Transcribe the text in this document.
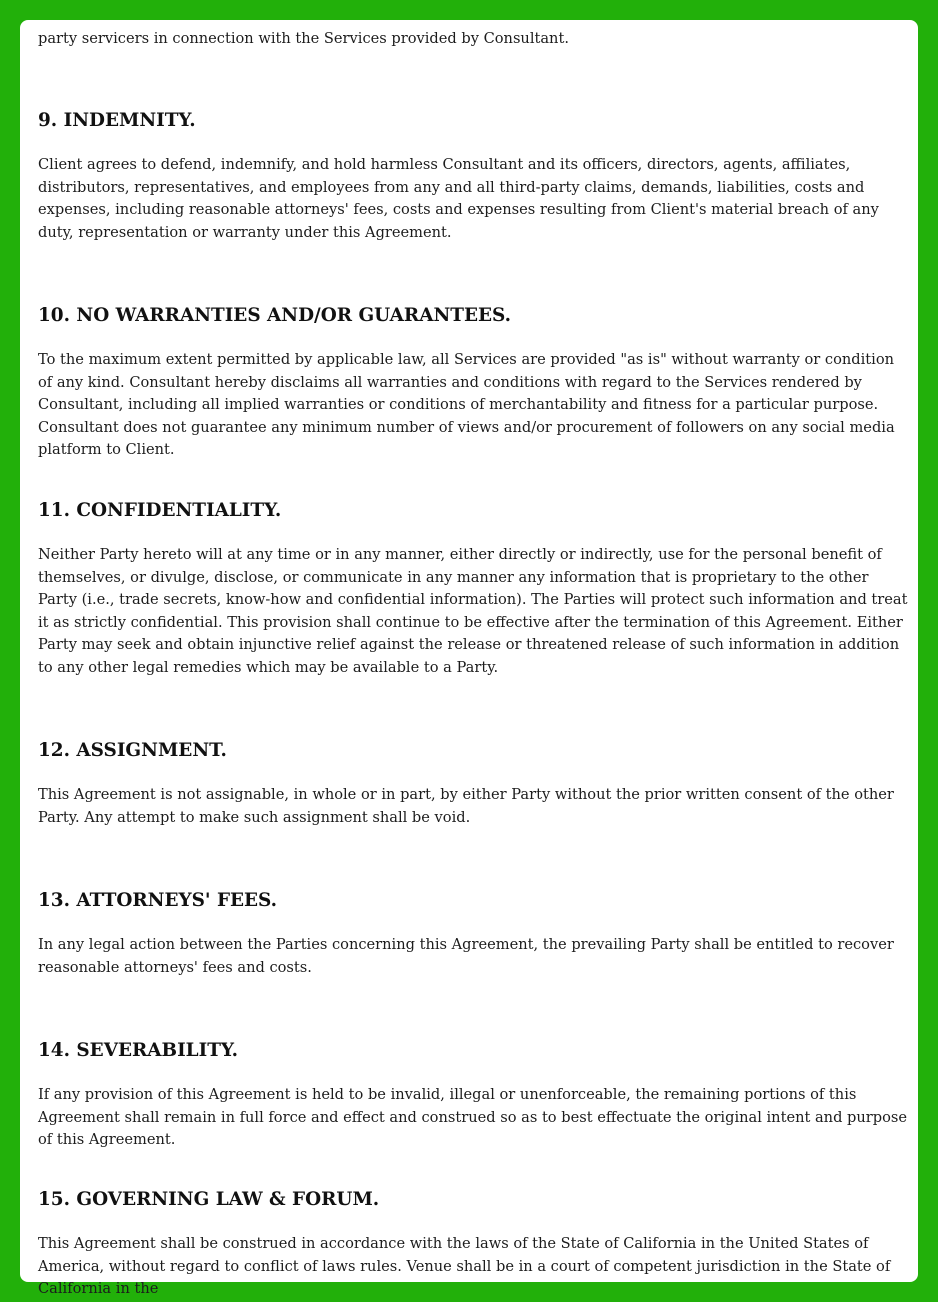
party servicers in connection with the Services provided by Consultant.

9. INDEMNITY.

Client agrees to defend, indemnify, and hold harmless Consultant and its officers, directors, agents, affiliates, distributors, representatives, and employees from any and all third-party claims, demands, liabilities, costs and expenses, including reasonable attorneys' fees, costs and expenses resulting from Client's material breach of any duty, representation or warranty under this Agreement.

10. NO WARRANTIES AND/OR GUARANTEES.

To the maximum extent permitted by applicable law, all Services are provided "as is" without warranty or condition of any kind. Consultant hereby disclaims all warranties and conditions with regard to the Services rendered by Consultant, including all implied warranties or conditions of merchantability and fitness for a particular purpose. Consultant does not guarantee any minimum number of views and/or procurement of followers on any social media platform to Client.

11. CONFIDENTIALITY.

Neither Party hereto will at any time or in any manner, either directly or indirectly, use for the personal benefit of themselves, or divulge, disclose, or communicate in any manner any information that is proprietary to the other Party (i.e., trade secrets, know-how and confidential information). The Parties will protect such information and treat it as strictly confidential. This provision shall continue to be effective after the termination of this Agreement. Either Party may seek and obtain injunctive relief against the release or threatened release of such information in addition to any other legal remedies which may be available to a Party.

12. ASSIGNMENT.

This Agreement is not assignable, in whole or in part, by either Party without the prior written consent of the other Party. Any attempt to make such assignment shall be void.

13. ATTORNEYS' FEES.

In any legal action between the Parties concerning this Agreement, the prevailing Party shall be entitled to recover reasonable attorneys' fees and costs.

14. SEVERABILITY.

If any provision of this Agreement is held to be invalid, illegal or unenforceable, the remaining portions of this Agreement shall remain in full force and effect and construed so as to best effectuate the original intent and purpose of this Agreement.

15. GOVERNING LAW & FORUM.

This Agreement shall be construed in accordance with the laws of the State of California in the United States of America, without regard to conflict of laws rules. Venue shall be in a court of competent jurisdiction in the State of California in the
